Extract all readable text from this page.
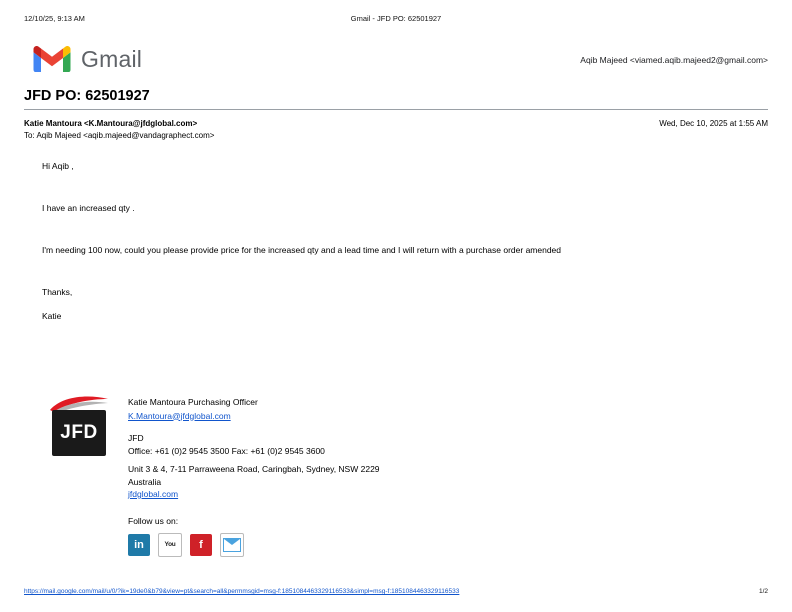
12/10/25, 9:13 AM	Gmail - JFD PO: 62501927
Gmail	Aqib Majeed <viamed.aqib.majeed2@gmail.com>
JFD PO: 62501927
Katie Mantoura <K.Mantoura@jfdglobal.com>
To: Aqib Majeed <aqib.majeed@vandagraphect.com>
Wed, Dec 10, 2025 at 1:55 AM

Hi Aqib ,

I have an increased qty .

I'm needing 100 now, could you please provide price for the increased qty and a lead time and I will return with a purchase order amended

Thanks,

Katie

JFD
Katie Mantoura Purchasing Officer
K.Mantoura@jfdglobal.com
JFD
Office: +61 (0)2 9545 3500 Fax: +61 (0)2 9545 3600
Unit 3 & 4, 7-11 Parraweena Road, Caringbah, Sydney, NSW 2229
Australia
jfdglobal.com
Follow us on:
in	You	f
https://mail.google.com/mail/u/0/?ik=19de0&b79&view=pt&search=all&permmsgid=msg-f:1851084463329116533&simpl=msg-f:1851084463329116533	1/2
